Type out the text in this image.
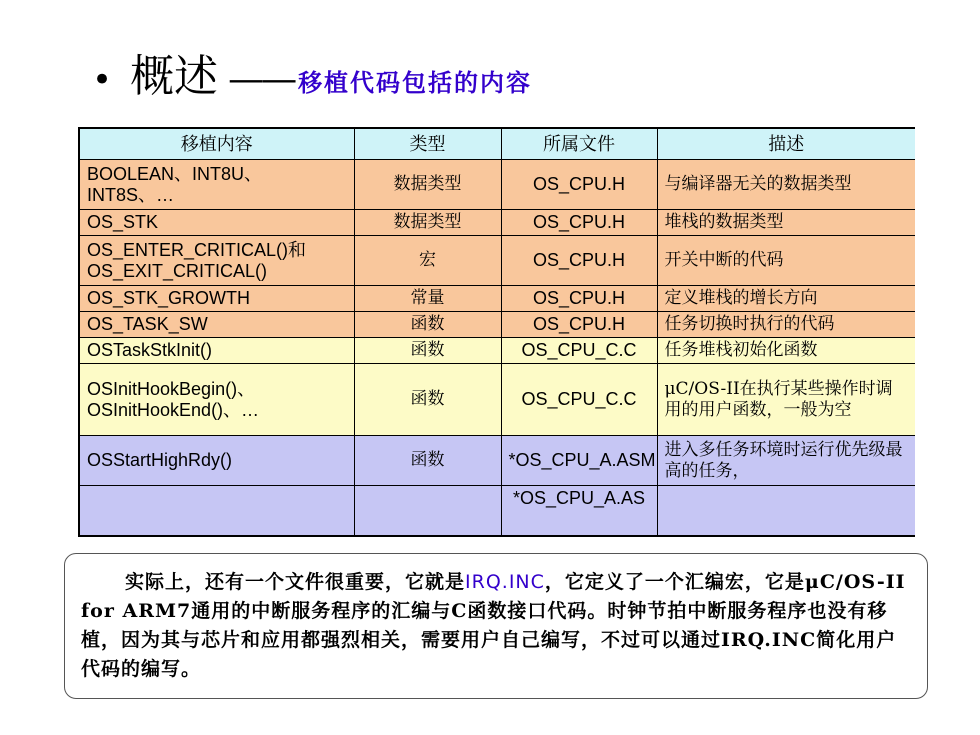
• 概述 —— 移植代码包括的内容
移植内容	类型	所属文件	描述
BOOLEAN、INT8U、INT8S、…	数据类型	OS_CPU.H	与编译器无关的数据类型
OS_STK	数据类型	OS_CPU.H	堆栈的数据类型
OS_ENTER_CRITICAL()和OS_EXIT_CRITICAL()	宏	OS_CPU.H	开关中断的代码
OS_STK_GROWTH	常量	OS_CPU.H	定义堆栈的增长方向
OS_TASK_SW	函数	OS_CPU.H	任务切换时执行的代码
OSTaskStkInit()	函数	OS_CPU_C.C	任务堆栈初始化函数
OSInitHookBegin()、OSInitHookEnd()、…	函数	OS_CPU_C.C	μC/OS-II在执行某些操作时调用的用户函数，一般为空
OSStartHighRdy()	函数	*OS_CPU_A.ASM	进入多任务环境时运行优先级最高的任务，
		*OS_CPU_A.AS	
实际上，还有一个文件很重要，它就是IRQ.INC，它定义了一个汇编宏，它是μC/OS-II for ARM7通用的中断服务程序的汇编与C函数接口代码。时钟节拍中断服务程序也没有移植，因为其与芯片和应用都强烈相关，需要用户自己编写，不过可以通过IRQ.INC简化用户代码的编写。
